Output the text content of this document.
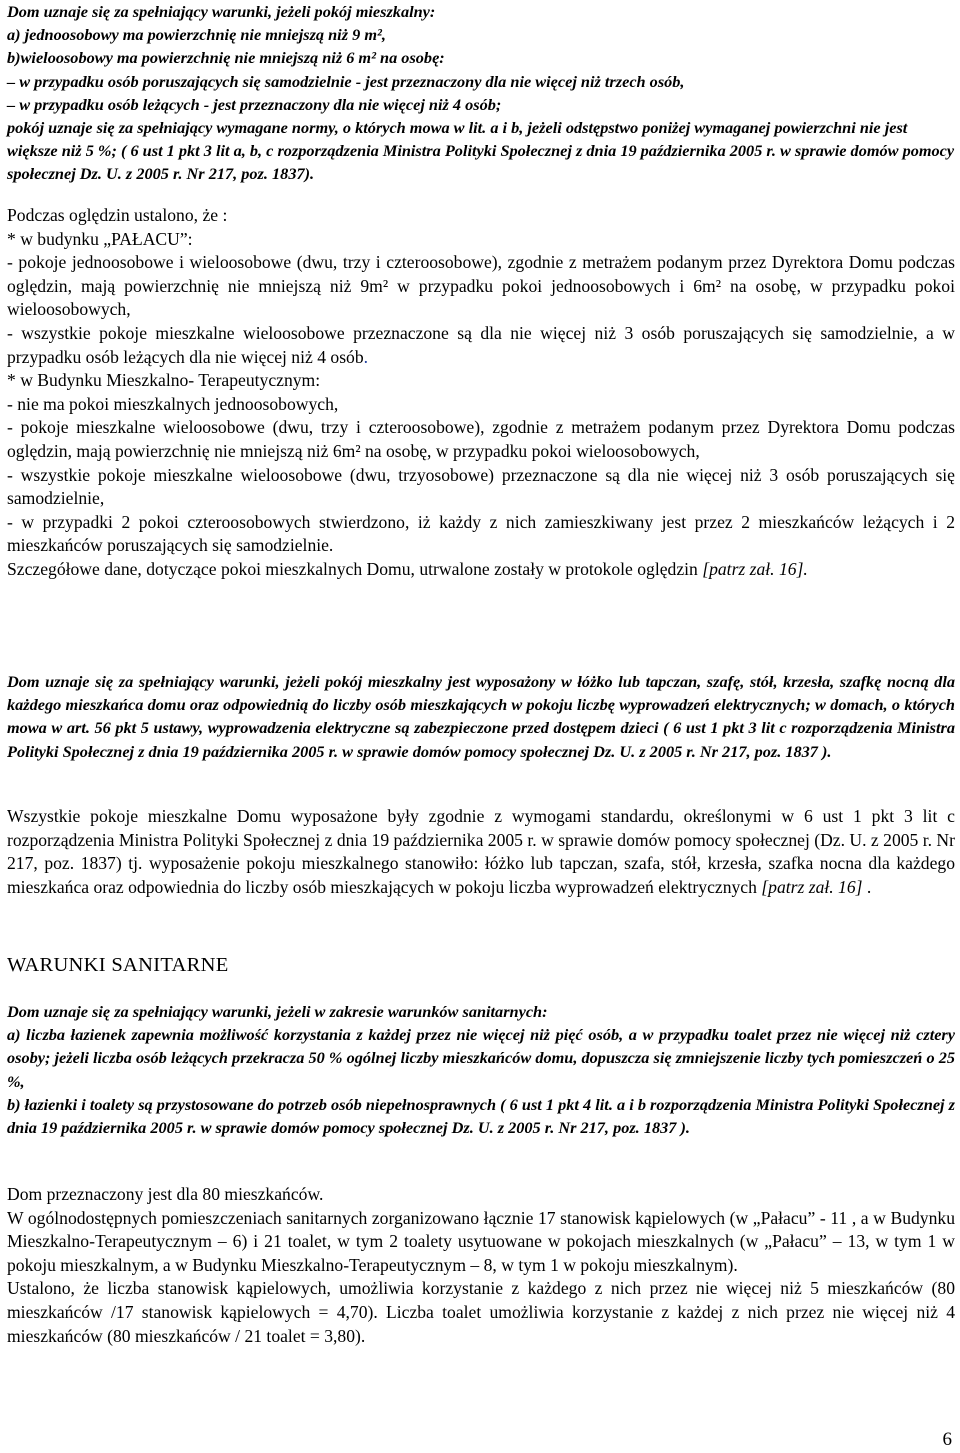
Dom uznaje się za spełniający warunki, jeżeli pokój mieszkalny:

a) jednoosobowy ma powierzchnię nie mniejszą niż 9 m²,

b)wieloosobowy ma powierzchnię nie mniejszą niż 6 m² na osobę:

– w przypadku osób poruszających się samodzielnie - jest przeznaczony dla nie więcej niż trzech osób,

– w przypadku osób leżących - jest przeznaczony dla nie więcej niż 4 osób;

pokój uznaje się za spełniający wymagane normy, o których mowa w lit. a i b, jeżeli odstępstwo poniżej wymaganej powierzchni nie jest większe niż 5 %; ( 6 ust 1 pkt 3 lit a, b, c rozporządzenia Ministra Polityki Społecznej z dnia 19 października 2005 r. w sprawie domów pomocy społecznej Dz. U. z 2005 r. Nr 217, poz. 1837).

Podczas oględzin ustalono, że :

* w budynku „PAŁACU”:

- pokoje jednoosobowe i wieloosobowe (dwu, trzy i czteroosobowe), zgodnie z metrażem podanym przez Dyrektora Domu podczas oględzin, mają powierzchnię nie mniejszą niż 9m² w przypadku pokoi jednoosobowych i 6m² na osobę, w przypadku pokoi wieloosobowych,

- wszystkie pokoje mieszkalne wieloosobowe przeznaczone są dla nie więcej niż 3 osób poruszających się samodzielnie, a w przypadku osób leżących dla nie więcej niż 4 osób.

* w Budynku Mieszkalno- Terapeutycznym:

- nie ma pokoi mieszkalnych jednoosobowych,

- pokoje mieszkalne wieloosobowe (dwu, trzy i czteroosobowe), zgodnie z metrażem podanym przez Dyrektora Domu podczas oględzin, mają powierzchnię nie mniejszą niż 6m² na osobę, w przypadku pokoi wieloosobowych,

- wszystkie pokoje mieszkalne wieloosobowe (dwu, trzyosobowe) przeznaczone są dla nie więcej niż 3 osób poruszających się samodzielnie,

- w przypadki 2 pokoi czteroosobowych stwierdzono, iż każdy z nich zamieszkiwany jest przez 2 mieszkańców leżących i 2 mieszkańców poruszających się samodzielnie.

Szczegółowe dane, dotyczące pokoi mieszkalnych Domu, utrwalone zostały w protokole oględzin [patrz zał. 16].

Dom uznaje się za spełniający warunki, jeżeli pokój mieszkalny jest wyposażony w łóżko lub tapczan, szafę, stół, krzesła, szafkę nocną dla każdego mieszkańca domu oraz odpowiednią do liczby osób mieszkających w pokoju liczbę wyprowadzeń elektrycznych; w domach, o których mowa w art. 56 pkt 5 ustawy, wyprowadzenia elektryczne są zabezpieczone przed dostępem dzieci ( 6 ust 1 pkt 3 lit c rozporządzenia Ministra Polityki Społecznej z dnia 19 października 2005 r. w sprawie domów pomocy społecznej Dz. U. z 2005 r. Nr 217, poz. 1837 ).

Wszystkie pokoje mieszkalne Domu wyposażone były zgodnie z wymogami standardu, określonymi w 6 ust 1 pkt 3 lit c rozporządzenia Ministra Polityki Społecznej z dnia 19 października 2005 r. w sprawie domów pomocy społecznej (Dz. U. z 2005 r. Nr 217, poz. 1837) tj. wyposażenie pokoju mieszkalnego stanowiło: łóżko lub tapczan, szafa, stół, krzesła, szafka nocna dla każdego mieszkańca oraz odpowiednia do liczby osób mieszkających w pokoju liczba wyprowadzeń elektrycznych [patrz zał. 16] .

WARUNKI SANITARNE

Dom uznaje się za spełniający warunki, jeżeli w zakresie warunków sanitarnych:

a) liczba łazienek zapewnia możliwość korzystania z każdej przez nie więcej niż pięć osób, a w przypadku toalet przez nie więcej niż cztery osoby; jeżeli liczba osób leżących przekracza 50 % ogólnej liczby mieszkańców domu, dopuszcza się zmniejszenie liczby tych pomieszczeń o 25 %,

b) łazienki i toalety są przystosowane do potrzeb osób niepełnosprawnych ( 6 ust 1 pkt 4 lit. a i b rozporządzenia Ministra Polityki Społecznej z dnia 19 października 2005 r. w sprawie domów pomocy społecznej Dz. U. z 2005 r. Nr 217, poz. 1837 ).

Dom przeznaczony jest dla 80 mieszkańców.

W ogólnodostępnych pomieszczeniach sanitarnych zorganizowano łącznie 17 stanowisk kąpielowych (w „Pałacu” - 11 , a w Budynku Mieszkalno-Terapeutycznym – 6) i 21 toalet, w tym 2 toalety usytuowane w pokojach mieszkalnych (w „Pałacu” – 13, w tym 1 w pokoju mieszkalnym, a w Budynku Mieszkalno-Terapeutycznym – 8, w tym 1 w pokoju mieszkalnym).

Ustalono, że liczba stanowisk kąpielowych, umożliwia korzystanie z każdego z nich przez nie więcej niż 5 mieszkańców (80 mieszkańców /17 stanowisk kąpielowych = 4,70). Liczba toalet umożliwia korzystanie z każdej z nich przez nie więcej niż 4 mieszkańców (80 mieszkańców / 21 toalet = 3,80).

6
